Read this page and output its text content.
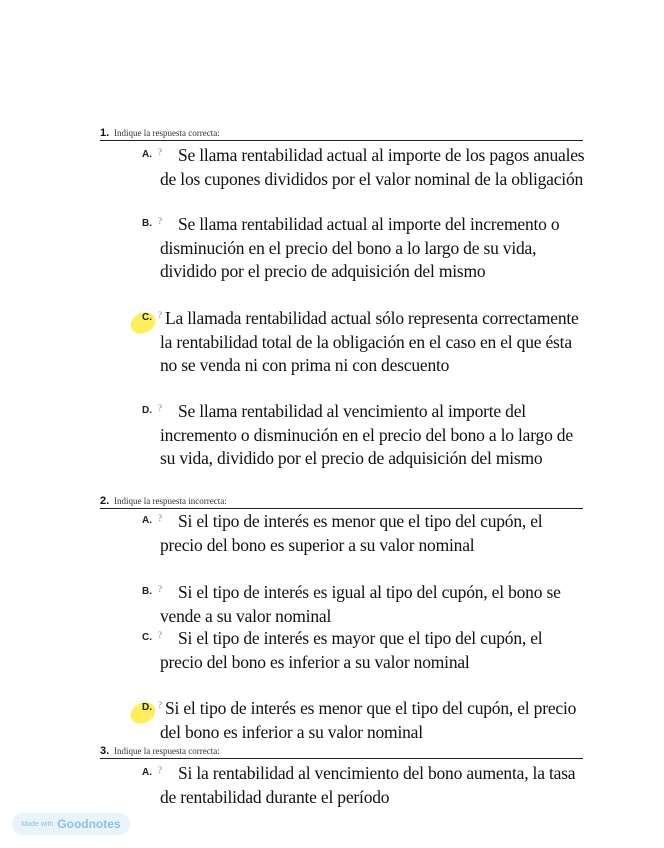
1. Indique la respuesta correcta:
A. ? Se llama rentabilidad actual al importe de los pagos anuales de los cupones divididos por el valor nominal de la obligación
B. ? Se llama rentabilidad actual al importe del incremento o disminución en el precio del bono a lo largo de su vida, dividido por el precio de adquisición del mismo
C. ? La llamada rentabilidad actual sólo representa correctamente la rentabilidad total de la obligación en el caso en el que ésta no se venda ni con prima ni con descuento
D. ? Se llama rentabilidad al vencimiento al importe del incremento o disminución en el precio del bono a lo largo de su vida, dividido por el precio de adquisición del mismo
2. Indique la respuesta incorrecta:
A. ? Si el tipo de interés es menor que el tipo del cupón, el precio del bono es superior a su valor nominal
B. ? Si el tipo de interés es igual al tipo del cupón, el bono se vende a su valor nominal
C. ? Si el tipo de interés es mayor que el tipo del cupón, el precio del bono es inferior a su valor nominal
D. ? Si el tipo de interés es menor que el tipo del cupón, el precio del bono es inferior a su valor nominal
3. Indique la respuesta correcta:
A. ? Si la rentabilidad al vencimiento del bono aumenta, la tasa de rentabilidad durante el período
Made with Goodnotes
